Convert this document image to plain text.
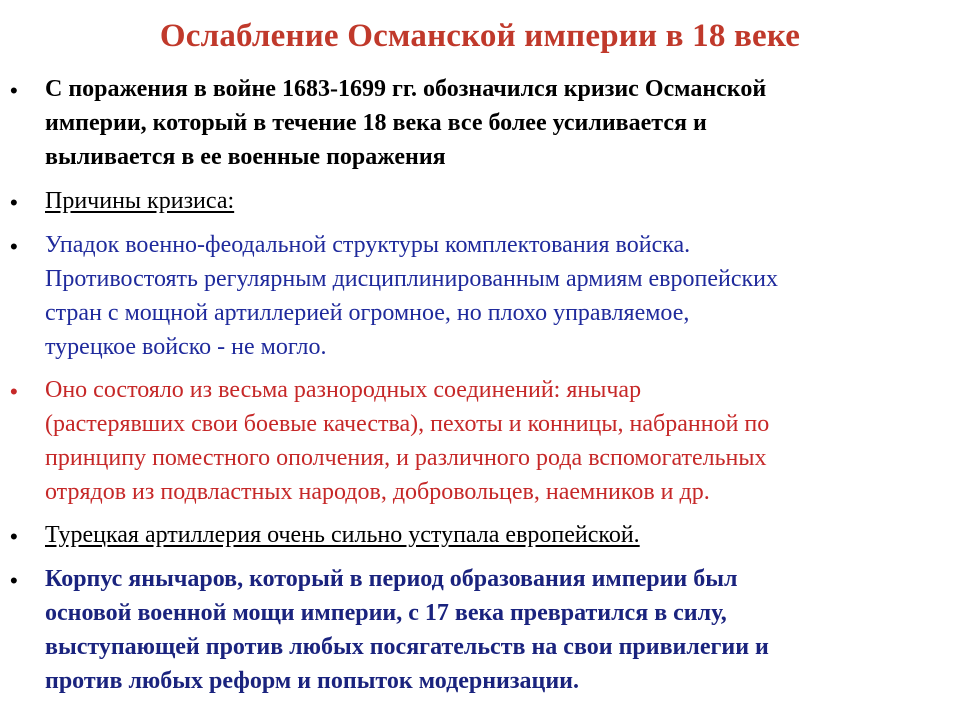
Ослабление Османской империи в 18 веке
• С поражения в войне 1683-1699 гг. обозначился кризис Османской
империи, который в течение 18 века все более усиливается и
выливается в ее военные поражения
• Причины кризиса:
• Упадок военно-феодальной структуры комплектования войска.
Противостоять регулярным дисциплинированным армиям европейских
стран с мощной артиллерией огромное, но плохо управляемое,
турецкое войско - не могло.
• Оно состояло из весьма разнородных соединений: янычар
(растерявших свои боевые качества), пехоты и конницы, набранной по
принципу поместного ополчения, и различного рода вспомогательных
отрядов из подвластных народов, добровольцев, наемников и др.
• Турецкая артиллерия очень сильно уступала европейской.
• Корпус янычаров, который в период образования империи был
основой военной мощи империи, с 17 века превратился в силу,
выступающей против любых посягательств на свои привилегии и
против любых реформ и попыток модернизации.
